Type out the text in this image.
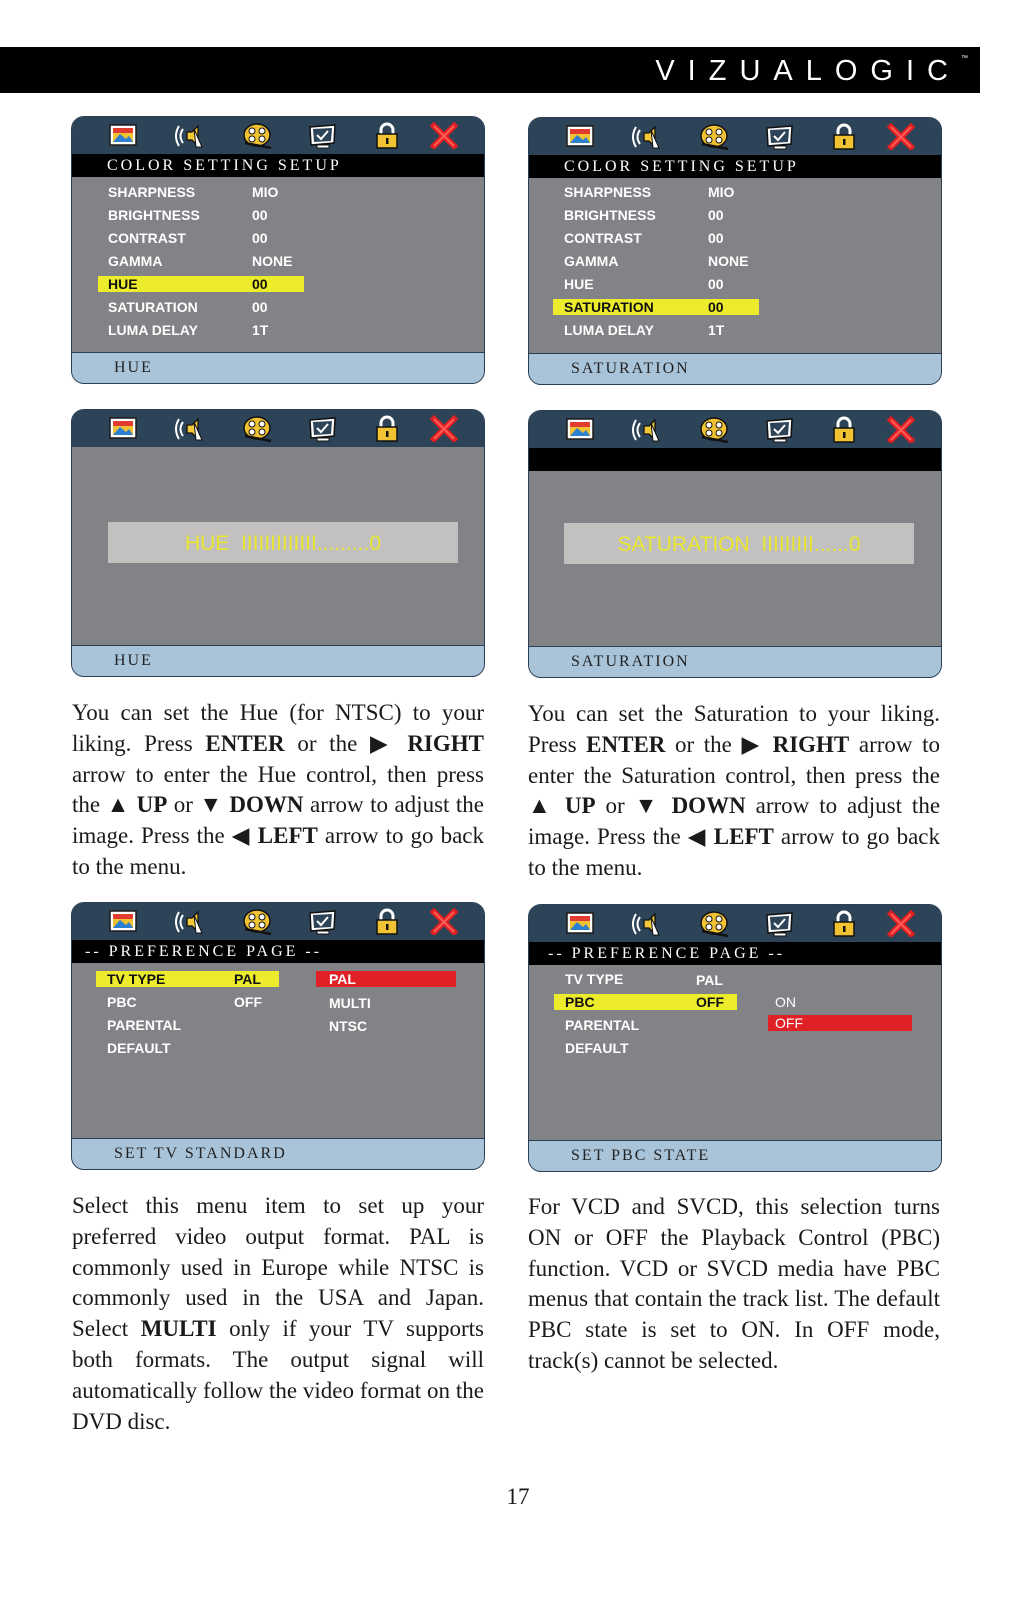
VIZUALOGIC™
COLOR SETTING SETUP
SHARPNESS	MIO
BRIGHTNESS	00
CONTRAST	00
GAMMA	NONE
HUE	00
SATURATION	00
LUMA DELAY	1T
HUE
COLOR SETTING SETUP
SHARPNESS	MIO
BRIGHTNESS	00
CONTRAST	00
GAMMA	NONE
HUE	00
SATURATION	00
LUMA DELAY	1T
SATURATION
HUE  IIIIIIIIIIIII.........0
HUE
SATURATION  IIIIIIIII......0
SATURATION
You can set the Hue (for NTSC) to your liking. Press ENTER or the ▶ RIGHT arrow to enter the Hue control, then press the ▲ UP or ▼ DOWN arrow to adjust the image. Press the ◀ LEFT arrow to go back to the menu.
You can set the Saturation to your liking. Press ENTER or the ▶ RIGHT arrow to enter the Saturation control, then press the ▲ UP or ▼ DOWN arrow to adjust the image. Press the ◀ LEFT arrow to go back to the menu.
-- PREFERENCE PAGE --
TV TYPE	PAL
PBC	OFF
PARENTAL
DEFAULT
PAL
MULTI
NTSC
SET TV STANDARD
-- PREFERENCE PAGE --
TV TYPE	PAL
PBC	OFF
PARENTAL
DEFAULT
ON
OFF
SET PBC STATE
Select this menu item to set up your preferred video output format. PAL is commonly used in Europe while NTSC is commonly used in the USA and Japan. Select MULTI only if your TV supports both formats. The output signal will automatically follow the video format on the DVD disc.
For VCD and SVCD, this selection turns ON or OFF the Playback Control (PBC) function. VCD or SVCD media have PBC menus that contain the track list. The default PBC state is set to ON. In OFF mode, track(s) cannot be selected.
17
